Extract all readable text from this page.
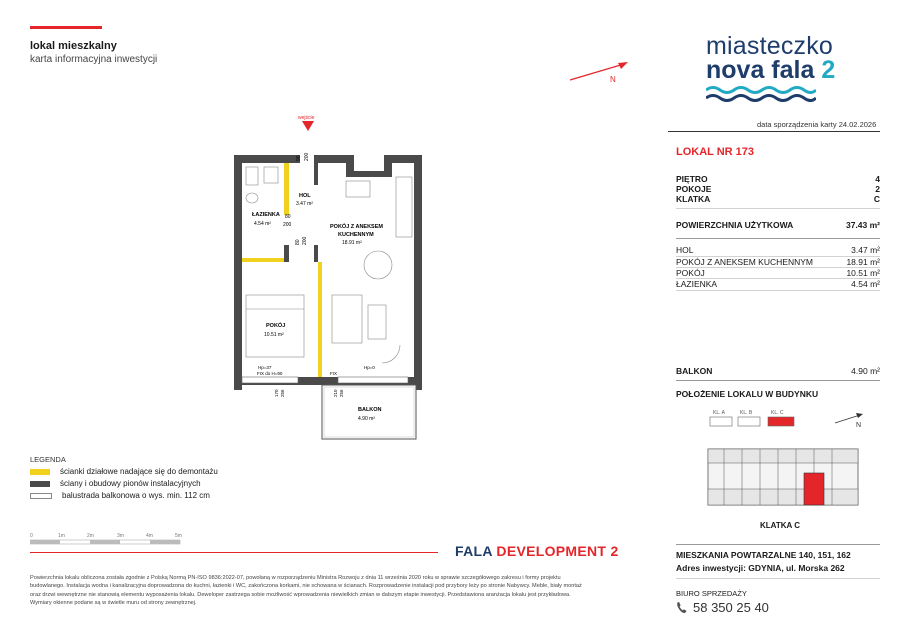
lokal mieszkalny
karta informacyjna inwestycji	miasteczko
nova fala 2
N
data sporządzenia karty 24.02.2026
LOKAL NR 173
PIĘTRO	4
POKOJE	2
KLATKA	C
POWIERZCHNIA UŻYTKOWA	37.43 m²
HOL	3.47 m²
POKÓJ Z ANEKSEM KUCHENNYM	18.91 m²
POKÓJ	10.51 m²
ŁAZIENKA	4.54 m²
BALKON	4.90 m²
POŁOŻENIE LOKALU W BUDYNKU
KL. A	KL. B	KL. C
N
KLATKA C
wejście
HOL
3.47 m²
ŁAZIENKA
4.54 m²	POKÓJ Z ANEKSEM
KUCHENNYM
18.91 m²
POKÓJ
10.51 m²
BALKON
4.90 m²
90 200
80
200
80 200
Hp=37
FIX do H=90	FIX
Hp=0
170 256	210 256
LEGENDA
ścianki działowe nadające się do demontażu
ściany i obudowy pionów instalacyjnych
balustrada balkonowa o wys. min. 112 cm
0	1m	2m	3m	4m	5m
FALA DEVELOPMENT 2
Powierzchnia lokalu obliczona została zgodnie z Polską Normą PN-ISO 9836:2022-07, powołaną w rozporządzeniu Ministra Rozwoju z dnia 11 września 2020 roku w sprawie szczegółowego zakresu i formy projektu budowlanego. Instalacja wodna i kanalizacyjna doprowadzona do kuchni, łazienki i WC, zakończona korkami, nie schowana w ścianach. Rozprowadzenie instalacji pod przybory leży po stronie Nabywcy. Meble, biały montaż oraz drzwi wewnętrzne nie stanowią elementu wyposażenia lokalu. Deweloper zastrzega sobie możliwość wprowadzenia niewielkich zmian w dalszym etapie inwestycji. Przedstawiona aranżacja lokalu jest przykładowa. Wymiary okienne podane są w świetle muru od strony zewnętrznej.
MIESZKANIA POWTARZALNE 140, 151, 162
Adres inwestycji: GDYNIA, ul. Morska 262
BIURO SPRZEDAŻY
58 350 25 40
